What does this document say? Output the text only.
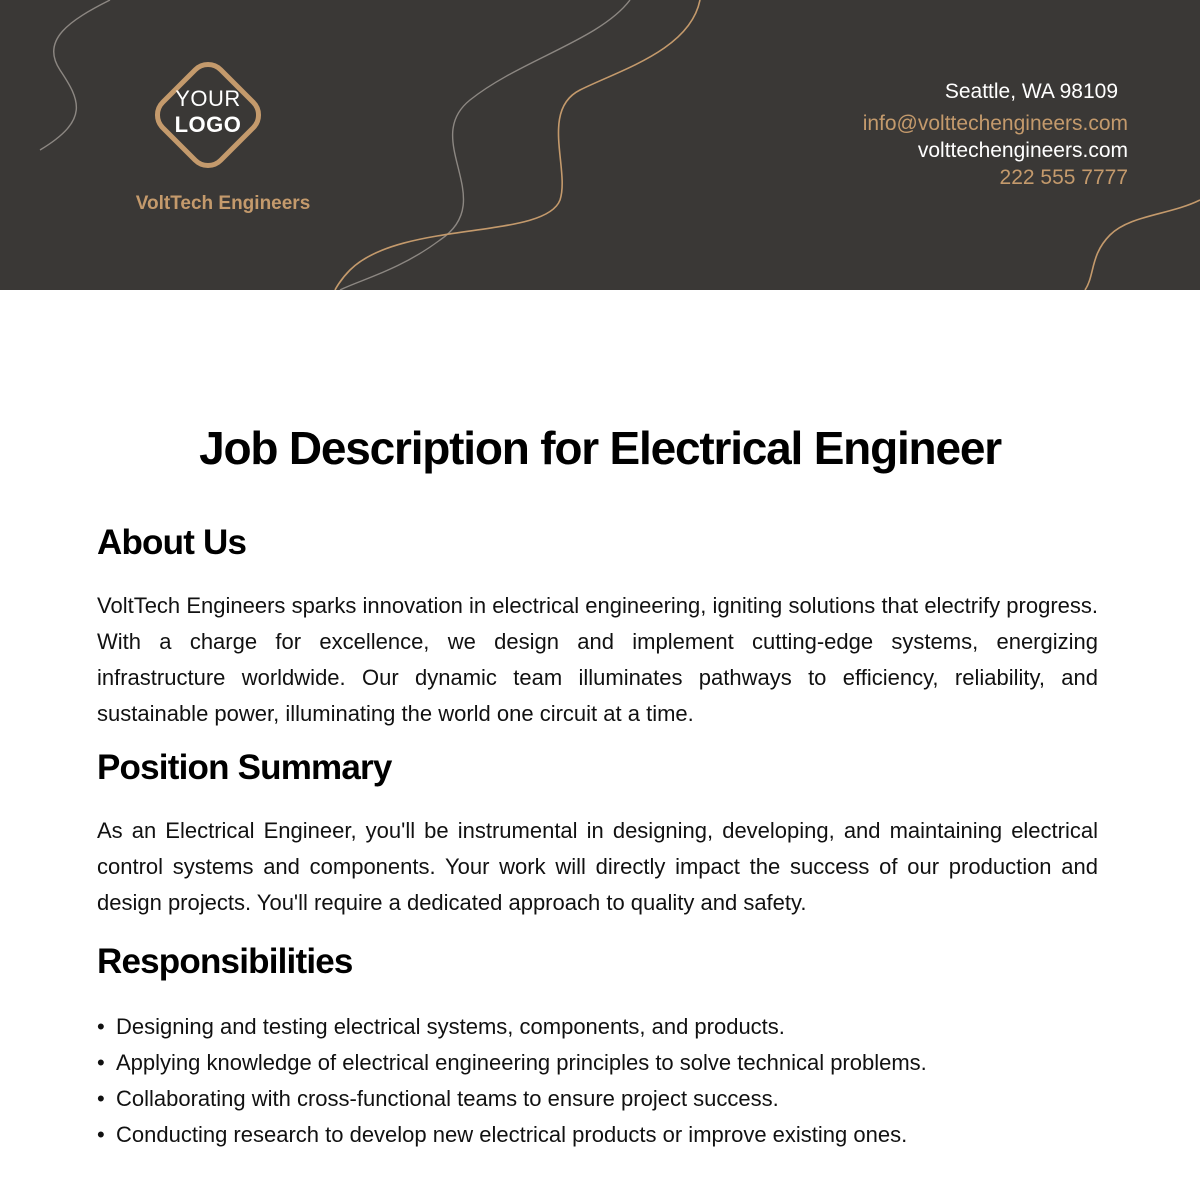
YOUR
LOGO
VoltTech Engineers
Seattle, WA 98109
info@volttechengineers.com
volttechengineers.com
222 555 7777
Job Description for Electrical Engineer
About Us

VoltTech Engineers sparks innovation in electrical engineering, igniting solutions that electrify progress. With a charge for excellence, we design and implement cutting-edge systems, energizing infrastructure worldwide. Our dynamic team illuminates pathways to efficiency, reliability, and sustainable power, illuminating the world one circuit at a time.

Position Summary

As an Electrical Engineer, you'll be instrumental in designing, developing, and maintaining electrical control systems and components. Your work will directly impact the success of our production and design projects. You'll require a dedicated approach to quality and safety.

Responsibilities
• Designing and testing electrical systems, components, and products.
• Applying knowledge of electrical engineering principles to solve technical problems.
• Collaborating with cross-functional teams to ensure project success.
• Conducting research to develop new electrical products or improve existing ones.
